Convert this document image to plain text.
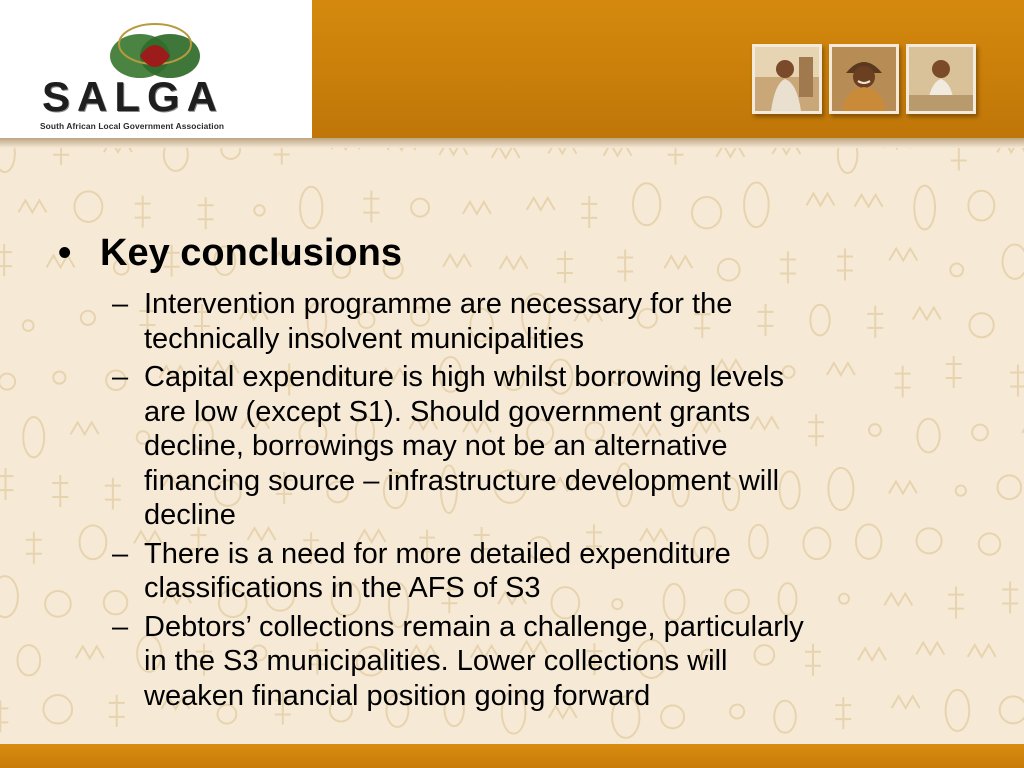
SALGA
South African Local Government Association
• Key conclusions
– Intervention programme are necessary for the
technically insolvent municipalities
– Capital expenditure is high whilst borrowing levels
are low (except S1). Should government grants
decline, borrowings may not be an alternative
financing source – infrastructure development will
decline
– There is a need for more detailed expenditure
classifications in the AFS of S3
– Debtors’ collections remain a challenge, particularly
in the S3 municipalities. Lower collections will
weaken financial position going forward
